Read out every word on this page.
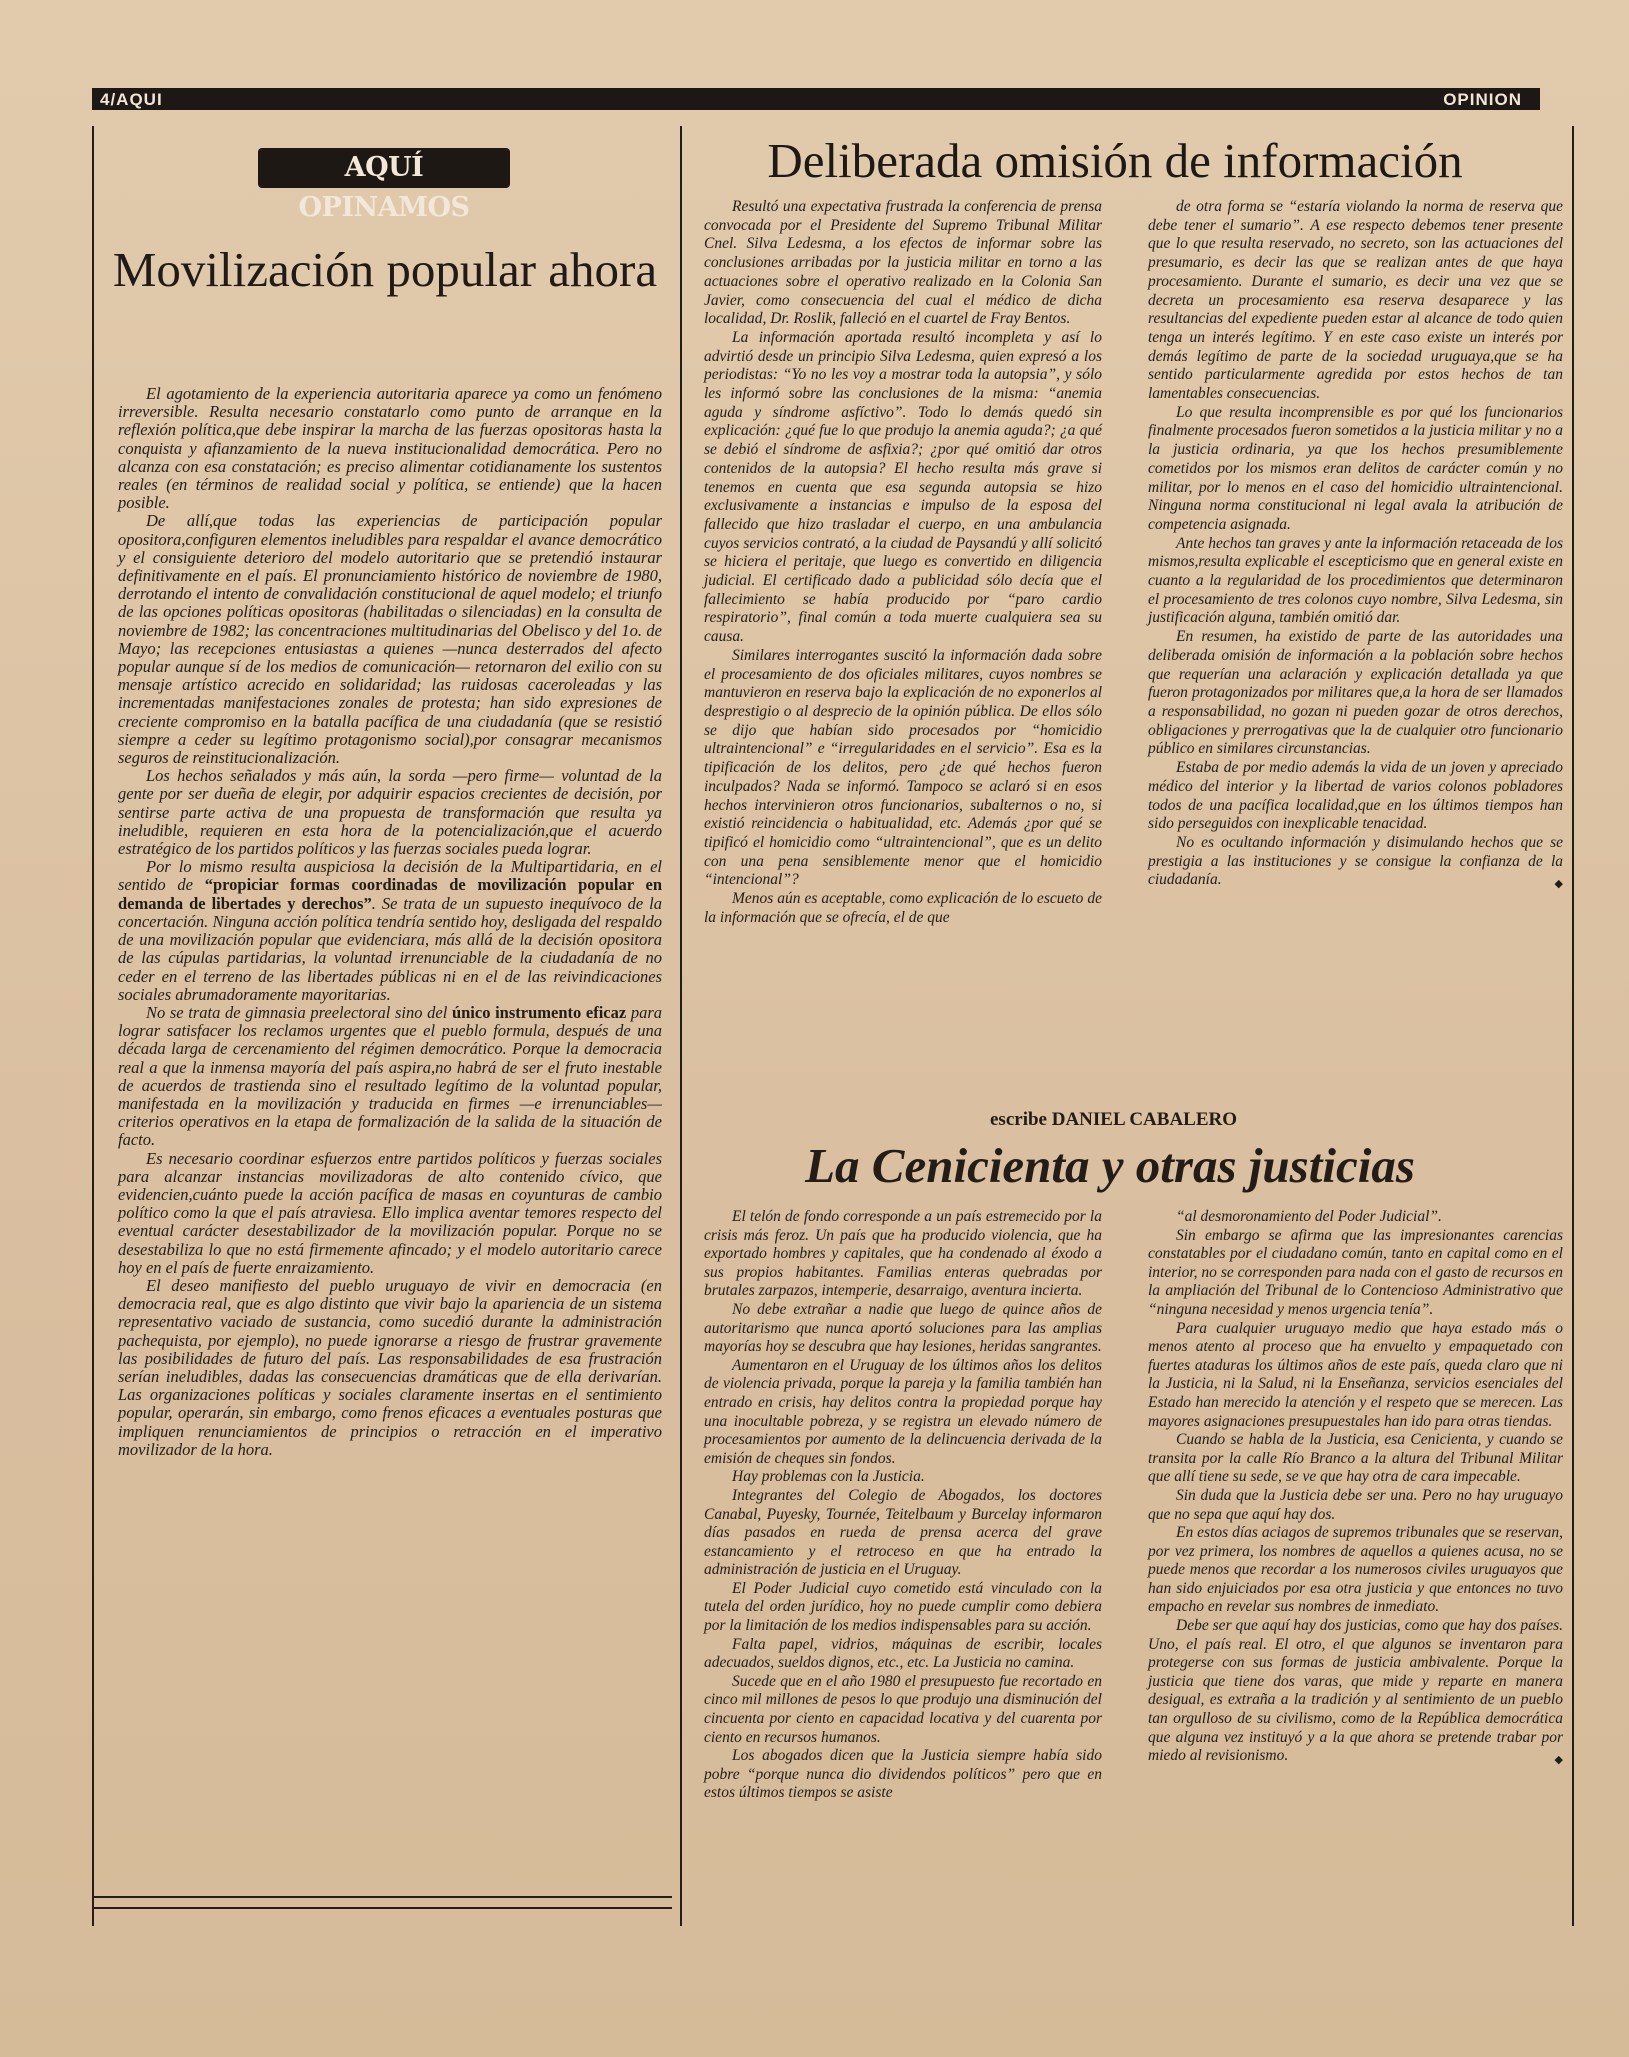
4/AQUI	OPINION
AQUÍ OPINAMOS
Movilización popular ahora

El agotamiento de la experiencia autoritaria aparece ya como un fenómeno irreversible. Resulta necesario constatarlo como punto de arranque en la reflexión política,que debe inspirar la marcha de las fuerzas opositoras hasta la conquista y afianzamiento de la nueva institucionalidad democrática. Pero no alcanza con esa constatación; es preciso alimentar cotidianamente los sustentos reales (en términos de realidad social y política, se entiende) que la hacen posible.

De allí,que todas las experiencias de participación popular opositora,configuren elementos ineludibles para respaldar el avance democrático y el consiguiente deterioro del modelo autoritario que se pretendió instaurar definitivamente en el país. El pronunciamiento histórico de noviembre de 1980, derrotando el intento de convalidación constitucional de aquel modelo; el triunfo de las opciones políticas opositoras (habilitadas o silenciadas) en la consulta de noviembre de 1982; las concentraciones multitudinarias del Obelisco y del 1o. de Mayo; las recepciones entusiastas a quienes —nunca desterrados del afecto popular aunque sí de los medios de comunicación— retornaron del exilio con su mensaje artístico acrecido en solidaridad; las ruidosas caceroleadas y las incrementadas manifestaciones zonales de protesta; han sido expresiones de creciente compromiso en la batalla pacífica de una ciudadanía (que se resistió siempre a ceder su legítimo protagonismo social),por consagrar mecanismos seguros de reinstitucionalización.

Los hechos señalados y más aún, la sorda —pero firme— voluntad de la gente por ser dueña de elegir, por adquirir espacios crecientes de decisión, por sentirse parte activa de una propuesta de transformación que resulta ya ineludible, requieren en esta hora de la potencialización,que el acuerdo estratégico de los partidos políticos y las fuerzas sociales pueda lograr.

Por lo mismo resulta auspiciosa la decisión de la Multipartidaria, en el sentido de “propiciar formas coordinadas de movilización popular en demanda de libertades y derechos”. Se trata de un supuesto inequívoco de la concertación. Ninguna acción política tendría sentido hoy, desligada del respaldo de una movilización popular que evidenciara, más allá de la decisión opositora de las cúpulas partidarias, la voluntad irrenunciable de la ciudadanía de no ceder en el terreno de las libertades públicas ni en el de las reivindicaciones sociales abrumadoramente mayoritarias.

No se trata de gimnasia preelectoral sino del único instrumento eficaz para lograr satisfacer los reclamos urgentes que el pueblo formula, después de una década larga de cercenamiento del régimen democrático. Porque la democracia real a que la inmensa mayoría del país aspira,no habrá de ser el fruto inestable de acuerdos de trastienda sino el resultado legítimo de la voluntad popular, manifestada en la movilización y traducida en firmes —e irrenunciables— criterios operativos en la etapa de formalización de la salida de la situación de facto.

Es necesario coordinar esfuerzos entre partidos políticos y fuerzas sociales para alcanzar instancias movilizadoras de alto contenido cívico, que evidencien,cuánto puede la acción pacífica de masas en coyunturas de cambio político como la que el país atraviesa. Ello implica aventar temores respecto del eventual carácter desestabilizador de la movilización popular. Porque no se desestabiliza lo que no está firmemente afincado; y el modelo autoritario carece hoy en el país de fuerte enraizamiento.

El deseo manifiesto del pueblo uruguayo de vivir en democracia (en democracia real, que es algo distinto que vivir bajo la apariencia de un sistema representativo vaciado de sustancia, como sucedió durante la administración pachequista, por ejemplo), no puede ignorarse a riesgo de frustrar gravemente las posibilidades de futuro del país. Las responsabilidades de esa frustración serían ineludibles, dadas las consecuencias dramáticas que de ella derivarían. Las organizaciones políticas y sociales claramente insertas en el sentimiento popular, operarán, sin embargo, como frenos eficaces a eventuales posturas que impliquen renunciamientos de principios o retracción en el imperativo movilizador de la hora.

Deliberada omisión de información

Resultó una expectativa frustrada la conferencia de prensa convocada por el Presidente del Supremo Tribunal Militar Cnel. Silva Ledesma, a los efectos de informar sobre las conclusiones arribadas por la justicia militar en torno a las actuaciones sobre el operativo realizado en la Colonia San Javier, como consecuencia del cual el médico de dicha localidad, Dr. Roslik, falleció en el cuartel de Fray Bentos.

La información aportada resultó incompleta y así lo advirtió desde un principio Silva Ledesma, quien expresó a los periodistas: “Yo no les voy a mostrar toda la autopsia”, y sólo les informó sobre las conclusiones de la misma: “anemia aguda y síndrome asfíctivo”. Todo lo demás quedó sin explicación: ¿qué fue lo que produjo la anemia aguda?; ¿a qué se debió el síndrome de asfixia?; ¿por qué omitió dar otros contenidos de la autopsia? El hecho resulta más grave si tenemos en cuenta que esa segunda autopsia se hizo exclusivamente a instancias e impulso de la esposa del fallecido que hizo trasladar el cuerpo, en una ambulancia cuyos servicios contrató, a la ciudad de Paysandú y allí solicitó se hiciera el peritaje, que luego es convertido en diligencia judicial. El certificado dado a publicidad sólo decía que el fallecimiento se había producido por “paro cardio respiratorio”, final común a toda muerte cualquiera sea su causa.

Similares interrogantes suscitó la información dada sobre el procesamiento de dos oficiales militares, cuyos nombres se mantuvieron en reserva bajo la explicación de no exponerlos al desprestigio o al desprecio de la opinión pública. De ellos sólo se dijo que habían sido procesados por “homicidio ultraintencional” e “irregularidades en el servicio”. Esa es la tipificación de los delitos, pero ¿de qué hechos fueron inculpados? Nada se informó. Tampoco se aclaró si en esos hechos intervinieron otros funcionarios, subalternos o no, si existió reincidencia o habitualidad, etc. Además ¿por qué se tipificó el homicidio como “ultraintencional”, que es un delito con una pena sensiblemente menor que el homicidio “intencional”?

Menos aún es aceptable, como explicación de lo escueto de la información que se ofrecía, el de que

de otra forma se “estaría violando la norma de reserva que debe tener el sumario”. A ese respecto debemos tener presente que lo que resulta reservado, no secreto, son las actuaciones del presumario, es decir las que se realizan antes de que haya procesamiento. Durante el sumario, es decir una vez que se decreta un procesamiento esa reserva desaparece y las resultancias del expediente pueden estar al alcance de todo quien tenga un interés legítimo. Y en este caso existe un interés por demás legítimo de parte de la sociedad uruguaya,que se ha sentido particularmente agredida por estos hechos de tan lamentables consecuencias.

Lo que resulta incomprensible es por qué los funcionarios finalmente procesados fueron sometidos a la justicia militar y no a la justicia ordinaria, ya que los hechos presumiblemente cometidos por los mismos eran delitos de carácter común y no militar, por lo menos en el caso del homicidio ultraintencional. Ninguna norma constitucional ni legal avala la atribución de competencia asignada.

Ante hechos tan graves y ante la información retaceada de los mismos,resulta explicable el escepticismo que en general existe en cuanto a la regularidad de los procedimientos que determinaron el procesamiento de tres colonos cuyo nombre, Silva Ledesma, sin justificación alguna, también omitió dar.

En resumen, ha existido de parte de las autoridades una deliberada omisión de información a la población sobre hechos que requerían una aclaración y explicación detallada ya que fueron protagonizados por militares que,a la hora de ser llamados a responsabilidad, no gozan ni pueden gozar de otros derechos, obligaciones y prerrogativas que la de cualquier otro funcionario público en similares circunstancias.

Estaba de por medio además la vida de un joven y apreciado médico del interior y la libertad de varios colonos pobladores todos de una pacífica localidad,que en los últimos tiempos han sido perseguidos con inexplicable tenacidad.

No es ocultando información y disimulando hechos que se prestigia a las instituciones y se consigue la confianza de la ciudadanía.	◆

escribe DANIEL CABALERO
La Cenicienta y otras justicias

El telón de fondo corresponde a un país estremecido por la crisis más feroz. Un país que ha producido violencia, que ha exportado hombres y capitales, que ha condenado al éxodo a sus propios habitantes. Familias enteras quebradas por brutales zarpazos, intemperie, desarraigo, aventura incierta.

No debe extrañar a nadie que luego de quince años de autoritarismo que nunca aportó soluciones para las amplias mayorías hoy se descubra que hay lesiones, heridas sangrantes.

Aumentaron en el Uruguay de los últimos años los delitos de violencia privada, porque la pareja y la familia también han entrado en crisis, hay delitos contra la propiedad porque hay una inocultable pobreza, y se registra un elevado número de procesamientos por aumento de la delincuencia derivada de la emisión de cheques sin fondos.

Hay problemas con la Justicia.

Integrantes del Colegio de Abogados, los doctores Canabal, Puyesky, Tournée, Teitelbaum y Burcelay informaron días pasados en rueda de prensa acerca del grave estancamiento y el retroceso en que ha entrado la administración de justicia en el Uruguay.

El Poder Judicial cuyo cometido está vinculado con la tutela del orden jurídico, hoy no puede cumplir como debiera por la limitación de los medios indispensables para su acción.

Falta papel, vidrios, máquinas de escribir, locales adecuados, sueldos dignos, etc., etc. La Justicia no camina.

Sucede que en el año 1980 el presupuesto fue recortado en cinco mil millones de pesos lo que produjo una disminución del cincuenta por ciento en capacidad locativa y del cuarenta por ciento en recursos humanos.

Los abogados dicen que la Justicia siempre había sido pobre “porque nunca dio dividendos políticos” pero que en estos últimos tiempos se asiste

“al desmoronamiento del Poder Judicial”.

Sin embargo se afirma que las impresionantes carencias constatables por el ciudadano común, tanto en capital como en el interior, no se corresponden para nada con el gasto de recursos en la ampliación del Tribunal de lo Contencioso Administrativo que “ninguna necesidad y menos urgencia tenía”.

Para cualquier uruguayo medio que haya estado más o menos atento al proceso que ha envuelto y empaquetado con fuertes ataduras los últimos años de este país, queda claro que ni la Justicia, ni la Salud, ni la Enseñanza, servicios esenciales del Estado han merecido la atención y el respeto que se merecen. Las mayores asignaciones presupuestales han ido para otras tiendas.

Cuando se habla de la Justicia, esa Cenicienta, y cuando se transita por la calle Río Branco a la altura del Tribunal Militar que allí tiene su sede, se ve que hay otra de cara impecable.

Sin duda que la Justicia debe ser una. Pero no hay uruguayo que no sepa que aquí hay dos.

En estos días aciagos de supremos tribunales que se reservan, por vez primera, los nombres de aquellos a quienes acusa, no se puede menos que recordar a los numerosos civiles uruguayos que han sido enjuiciados por esa otra justicia y que entonces no tuvo empacho en revelar sus nombres de inmediato.

Debe ser que aquí hay dos justicias, como que hay dos países. Uno, el país real. El otro, el que algunos se inventaron para protegerse con sus formas de justicia ambivalente. Porque la justicia que tiene dos varas, que mide y reparte en manera desigual, es extraña a la tradición y al sentimiento de un pueblo tan orgulloso de su civilismo, como de la República democrática que alguna vez instituyó y a la que ahora se pretende trabar por miedo al revisionismo.	◆
